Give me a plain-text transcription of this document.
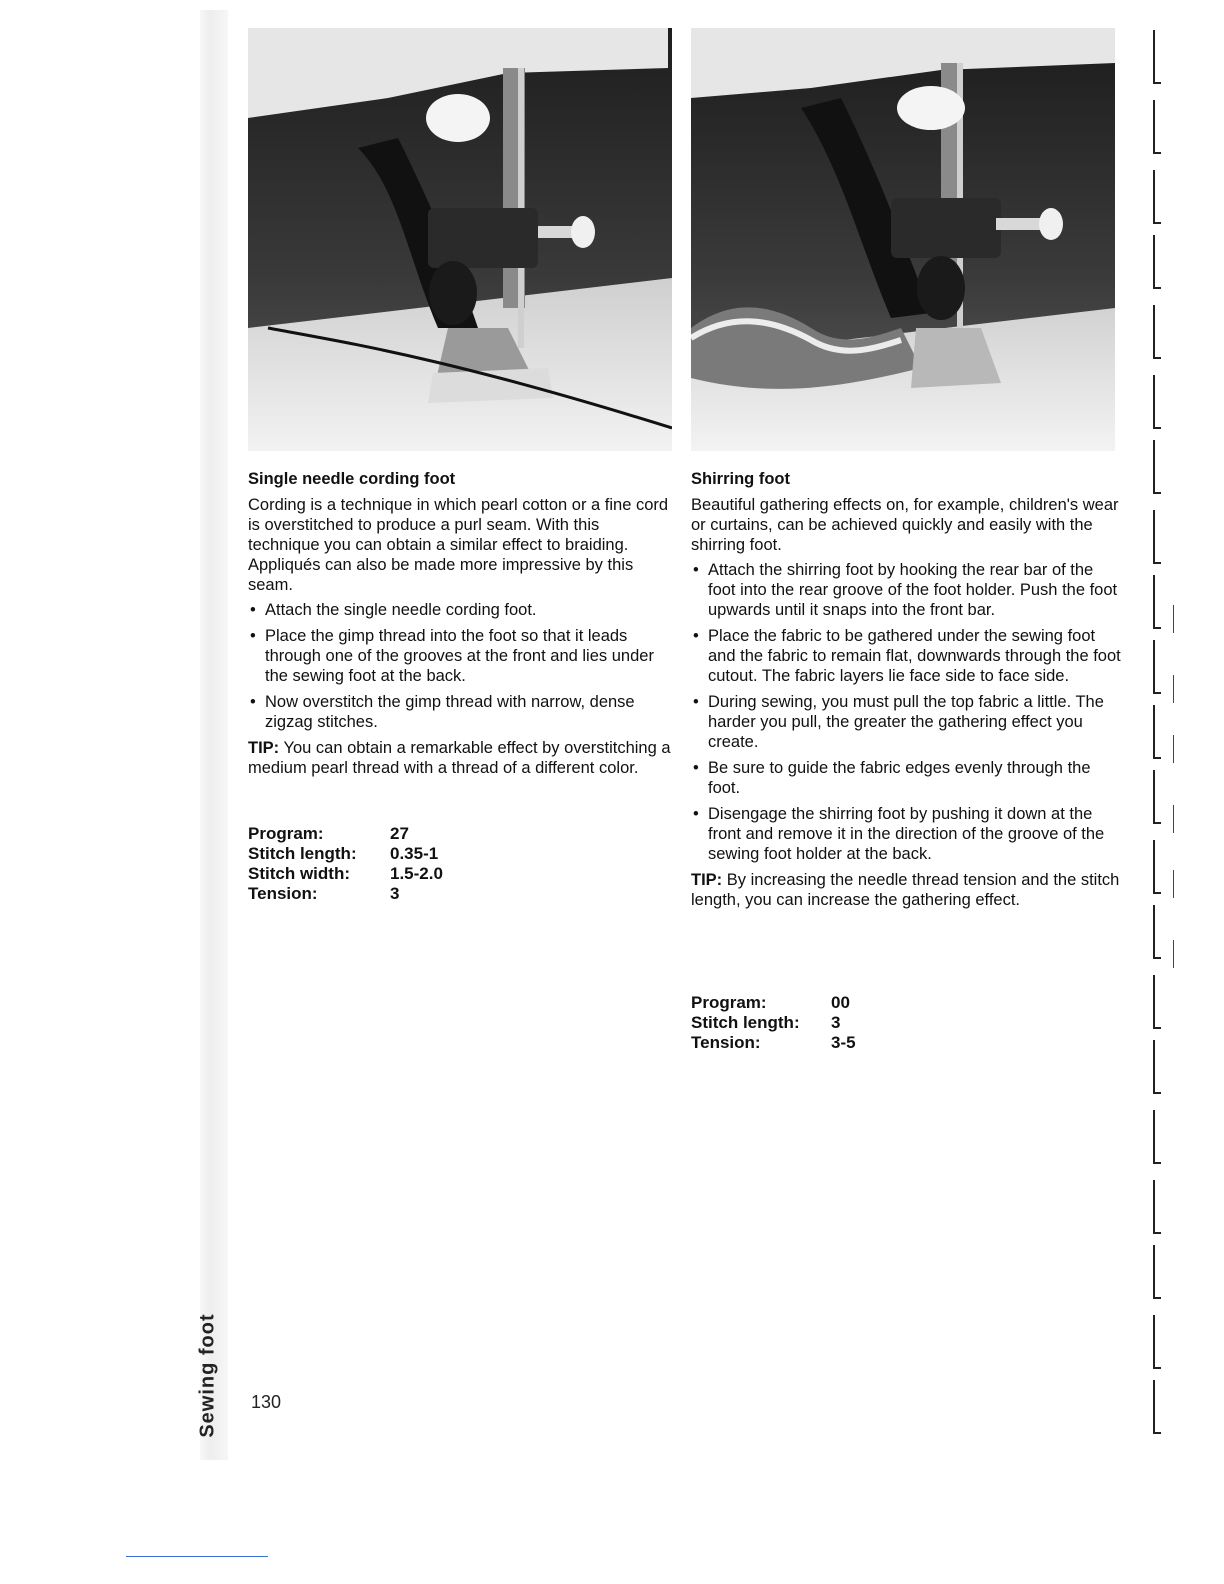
Sewing foot
Single needle cording foot

Cording is a technique in which pearl cotton or a fine cord is overstitched to produce a purl seam. With this technique you can obtain a similar effect to braiding. Appliqués can also be made more impressive by this seam.

• Attach the single needle cording foot.
• Place the gimp thread into the foot so that it leads through one of the grooves at the front and lies under the sewing foot at the back.
• Now overstitch the gimp thread with narrow, dense zigzag stitches.

TIP: You can obtain a remarkable effect by overstitching a medium pearl thread with a thread of a different color.

Program:	27
Stitch length:	0.35-1
Stitch width:	1.5-2.0
Tension:	3
Shirring foot

Beautiful gathering effects on, for example, children's wear or curtains, can be achieved quickly and easily with the shirring foot.

• Attach the shirring foot by hooking the rear bar of the foot into the rear groove of the foot holder. Push the foot upwards until it snaps into the front bar.
• Place the fabric to be gathered under the sewing foot and the fabric to remain flat, downwards through the foot cutout. The fabric layers lie face side to face side.
• During sewing, you must pull the top fabric a little. The harder you pull, the greater the gathering effect you create.
• Be sure to guide the fabric edges evenly through the foot.
• Disengage the shirring foot by pushing it down at the front and remove it in the direction of the groove of the sewing foot holder at the back.

TIP: By increasing the needle thread tension and the stitch length, you can increase the gathering effect.

Program:	00
Stitch length:	3
Tension:	3-5
130
